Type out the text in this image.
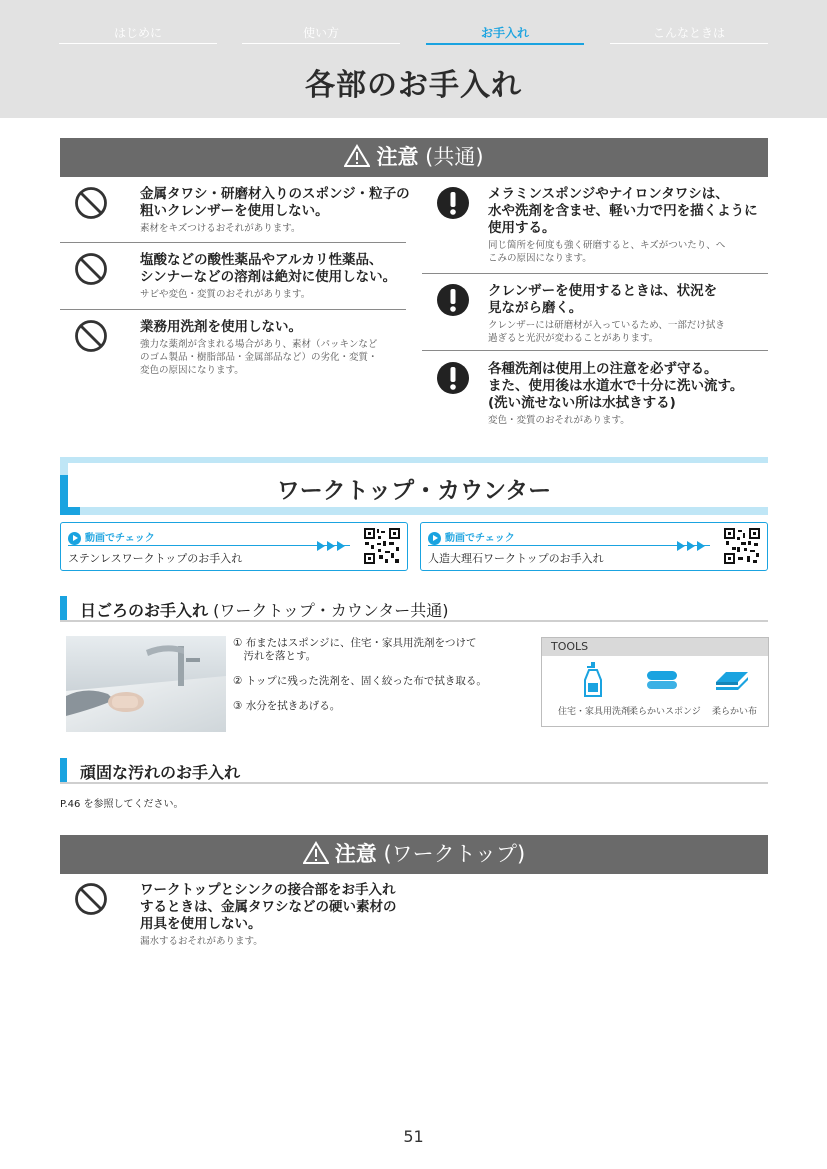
はじめに	使い方	お手入れ	こんなときは
各部のお手入れ
注意 (共通)
金属タワシ・研磨材入りのスポンジ・粒子の
粗いクレンザーを使用しない。
素材をキズつけるおそれがあります。
塩酸などの酸性薬品やアルカリ性薬品、
シンナーなどの溶剤は絶対に使用しない。
サビや変色・変質のおそれがあります。
業務用洗剤を使用しない。
強力な薬剤が含まれる場合があり、素材（パッキンなど
のゴム製品・樹脂部品・金属部品など）の劣化・変質・
変色の原因になります。
メラミンスポンジやナイロンタワシは、
水や洗剤を含ませ、軽い力で円を描くように
使用する。
同じ箇所を何度も強く研磨すると、キズがついたり、へ
こみの原因になります。
クレンザーを使用するときは、状況を
見ながら磨く。
クレンザーには研磨材が入っているため、一部だけ拭き
過ぎると光沢が変わることがあります。
各種洗剤は使用上の注意を必ず守る。
また、使用後は水道水で十分に洗い流す。
(洗い流せない所は水拭きする)
変色・変質のおそれがあります。
ワークトップ・カウンター
動画でチェック
ステンレスワークトップのお手入れ
動画でチェック
人造大理石ワークトップのお手入れ
日ごろのお手入れ (ワークトップ・カウンター共通)
① 布またはスポンジに、住宅・家具用洗剤をつけて
　汚れを落とす。
② トップに残った洗剤を、固く絞った布で拭き取る。
③ 水分を拭きあげる。
TOOLS
住宅・家具用洗剤
柔らかいスポンジ 柔らかい布
頑固な汚れのお手入れ
P.46 を参照してください。
注意 (ワークトップ)
ワークトップとシンクの接合部をお手入れ
するときは、金属タワシなどの硬い素材の
用具を使用しない。
漏水するおそれがあります。
51
